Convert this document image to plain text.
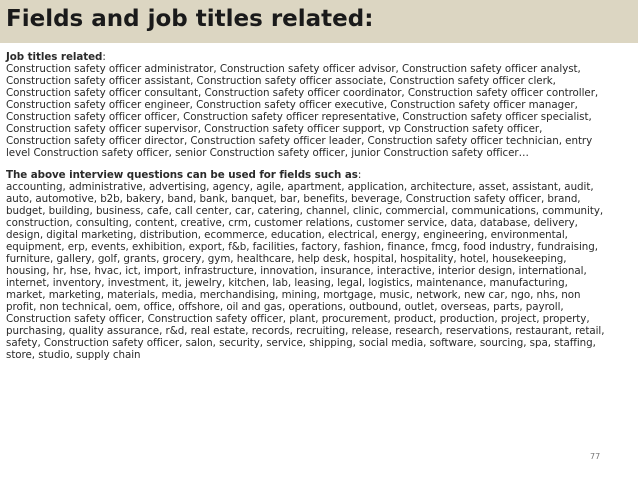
Fields and job titles related:
Job titles related:
Construction safety officer administrator, Construction safety officer advisor, Construction safety officer analyst,
Construction safety officer assistant, Construction safety officer associate, Construction safety officer clerk,
Construction safety officer consultant, Construction safety officer coordinator, Construction safety officer controller,
Construction safety officer engineer, Construction safety officer executive, Construction safety officer manager,
Construction safety officer officer, Construction safety officer representative, Construction safety officer specialist,
Construction safety officer supervisor, Construction safety officer support, vp Construction safety officer,
Construction safety officer director, Construction safety officer leader, Construction safety officer technician, entry
level Construction safety officer, senior Construction safety officer, junior Construction safety officer…
The above interview questions can be used for fields such as:
accounting, administrative, advertising, agency, agile, apartment, application, architecture, asset, assistant, audit,
auto, automotive, b2b, bakery, band, bank, banquet, bar, benefits, beverage, Construction safety officer, brand,
budget, building, business, cafe, call center, car, catering, channel, clinic, commercial, communications, community,
construction, consulting, content, creative, crm, customer relations, customer service, data, database, delivery,
design, digital marketing, distribution, ecommerce, education, electrical, energy, engineering, environmental,
equipment, erp, events, exhibition, export, f&b, facilities, factory, fashion, finance, fmcg, food industry, fundraising,
furniture, gallery, golf, grants, grocery, gym, healthcare, help desk, hospital, hospitality, hotel, housekeeping,
housing, hr, hse, hvac, ict, import, infrastructure, innovation, insurance, interactive, interior design, international,
internet, inventory, investment, it, jewelry, kitchen, lab, leasing, legal, logistics, maintenance, manufacturing,
market, marketing, materials, media, merchandising, mining, mortgage, music, network, new car, ngo, nhs, non
profit, non technical, oem, office, offshore, oil and gas, operations, outbound, outlet, overseas, parts, payroll,
Construction safety officer, Construction safety officer, plant, procurement, product, production, project, property,
purchasing, quality assurance, r&d, real estate, records, recruiting, release, research, reservations, restaurant, retail,
safety, Construction safety officer, salon, security, service, shipping, social media, software, sourcing, spa, staffing,
store, studio, supply chain
77
